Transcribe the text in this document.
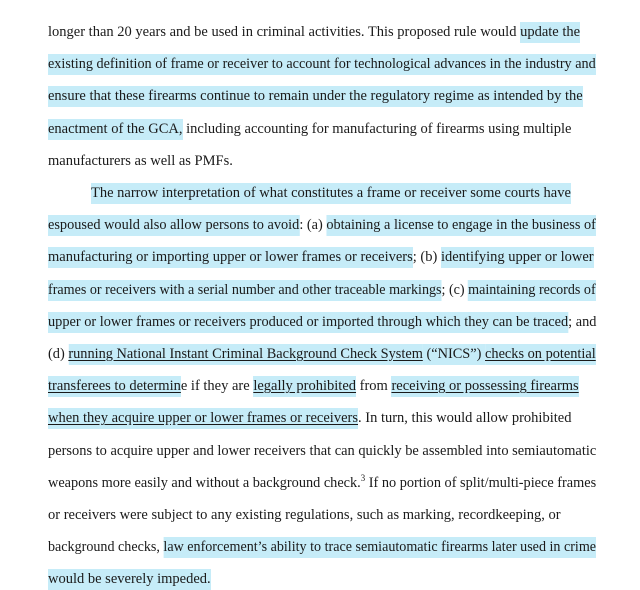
longer than 20 years and be used in criminal activities. This proposed rule would update the
existing definition of frame or receiver to account for technological advances in the industry and
ensure that these firearms continue to remain under the regulatory regime as intended by the
enactment of the GCA, including accounting for manufacturing of firearms using multiple
manufacturers as well as PMFs.
The narrow interpretation of what constitutes a frame or receiver some courts have
espoused would also allow persons to avoid: (a) obtaining a license to engage in the business of
manufacturing or importing upper or lower frames or receivers; (b) identifying upper or lower
frames or receivers with a serial number and other traceable markings; (c) maintaining records of
upper or lower frames or receivers produced or imported through which they can be traced; and
(d) running National Instant Criminal Background Check System (“NICS”) checks on potential
transferees to determine if they are legally prohibited from receiving or possessing firearms
when they acquire upper or lower frames or receivers. In turn, this would allow prohibited
persons to acquire upper and lower receivers that can quickly be assembled into semiautomatic
weapons more easily and without a background check.$^3$ If no portion of split/multi-piece frames
or receivers were subject to any existing regulations, such as marking, recordkeeping, or
background checks, law enforcement’s ability to trace semiautomatic firearms later used in crime
would be severely impeded.
